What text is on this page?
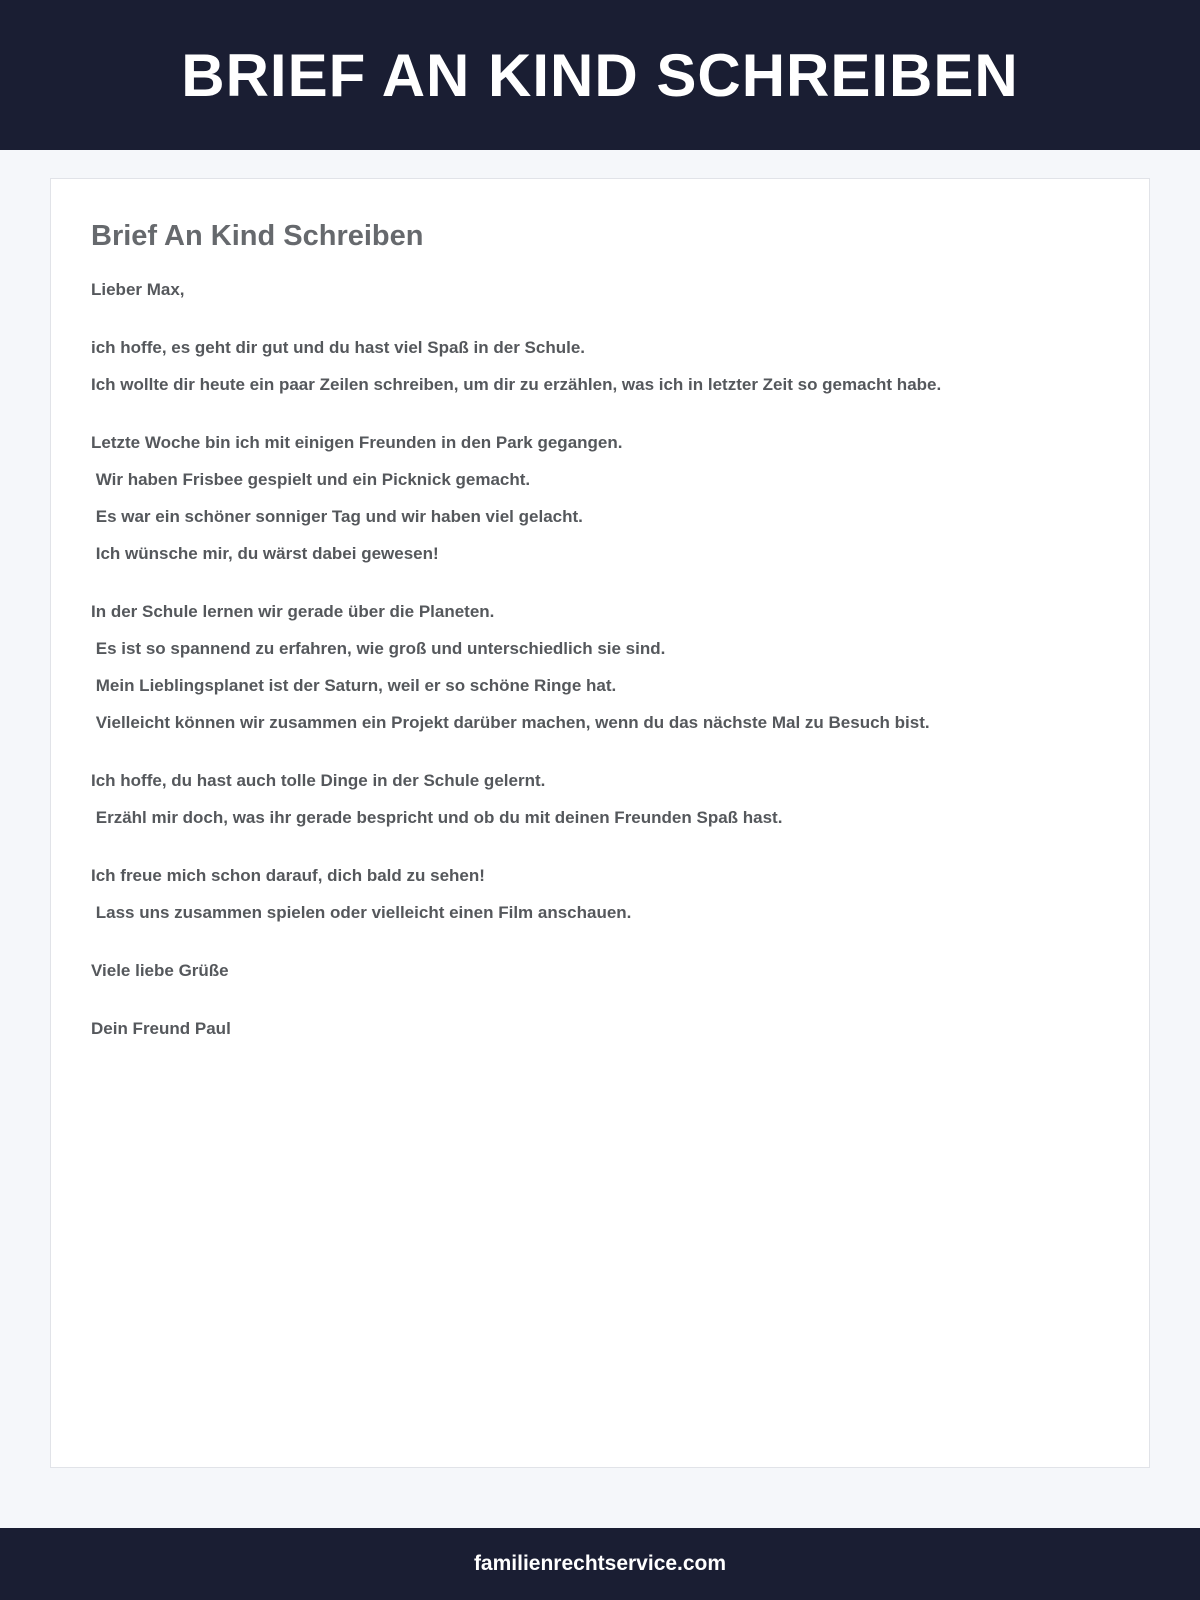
BRIEF AN KIND SCHREIBEN
Brief An Kind Schreiben

Lieber Max,

ich hoffe, es geht dir gut und du hast viel Spaß in der Schule.
Ich wollte dir heute ein paar Zeilen schreiben, um dir zu erzählen, was ich in letzter Zeit so gemacht habe.

Letzte Woche bin ich mit einigen Freunden in den Park gegangen.
Wir haben Frisbee gespielt und ein Picknick gemacht.
Es war ein schöner sonniger Tag und wir haben viel gelacht.
Ich wünsche mir, du wärst dabei gewesen!

In der Schule lernen wir gerade über die Planeten.
Es ist so spannend zu erfahren, wie groß und unterschiedlich sie sind.
Mein Lieblingsplanet ist der Saturn, weil er so schöne Ringe hat.
Vielleicht können wir zusammen ein Projekt darüber machen, wenn du das nächste Mal zu Besuch bist.

Ich hoffe, du hast auch tolle Dinge in der Schule gelernt.
Erzähl mir doch, was ihr gerade bespricht und ob du mit deinen Freunden Spaß hast.

Ich freue mich schon darauf, dich bald zu sehen!
Lass uns zusammen spielen oder vielleicht einen Film anschauen.

Viele liebe Grüße

Dein Freund Paul

familienrechtservice.com
